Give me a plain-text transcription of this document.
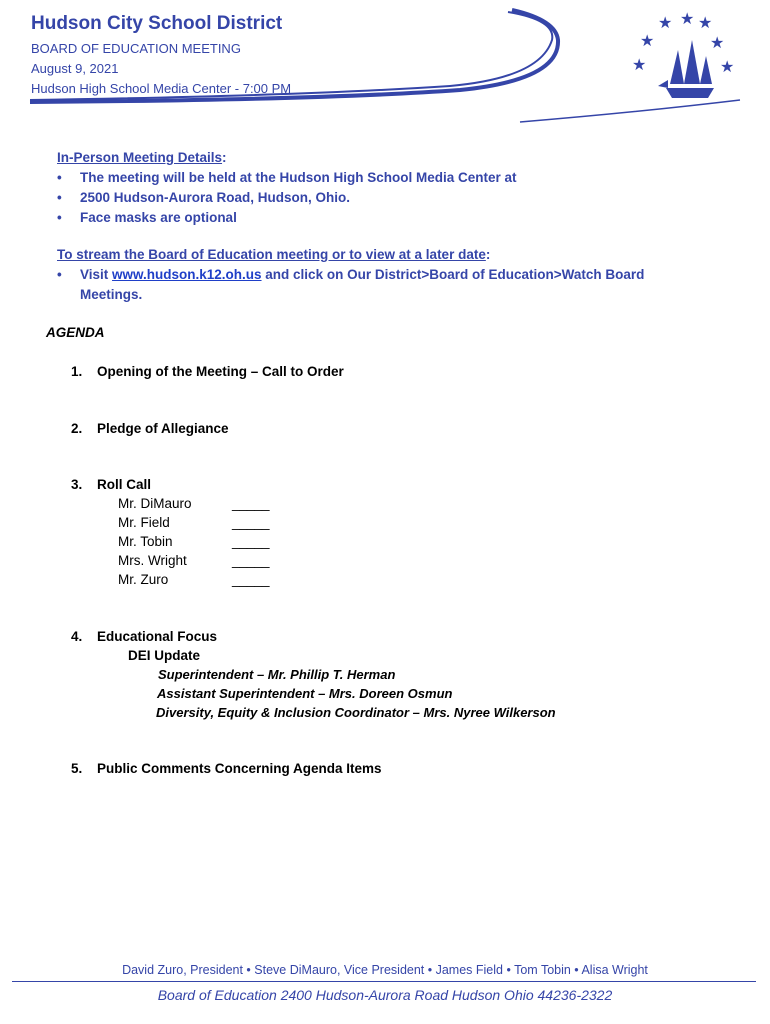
★ ★ ★
★	★
★	★
Hudson City School District
BOARD OF EDUCATION MEETING
August 9, 2021
Hudson High School Media Center - 7:00 PM
In-Person Meeting Details:
• The meeting will be held at the Hudson High School Media Center at
• 2500 Hudson-Aurora Road, Hudson, Ohio.
• Face masks are optional
To stream the Board of Education meeting or to view at a later date:
• Visit www.hudson.k12.oh.us and click on Our District>Board of Education>Watch Board
Meetings.
AGENDA
1. Opening of the Meeting – Call to Order
2. Pledge of Allegiance
3. Roll Call
Mr. DiMauro
Mr. Field
Mr. Tobin
Mrs. Wright
Mr. Zuro
_____
_____
_____
_____
_____
4. Educational Focus
DEI Update
Superintendent – Mr. Phillip T. Herman
Assistant Superintendent – Mrs. Doreen Osmun
Diversity, Equity & Inclusion Coordinator – Mrs. Nyree Wilkerson
5. Public Comments Concerning Agenda Items
David Zuro, President • Steve DiMauro, Vice President • James Field • Tom Tobin • Alisa Wright
Board of Education 2400 Hudson-Aurora Road Hudson Ohio 44236-2322
